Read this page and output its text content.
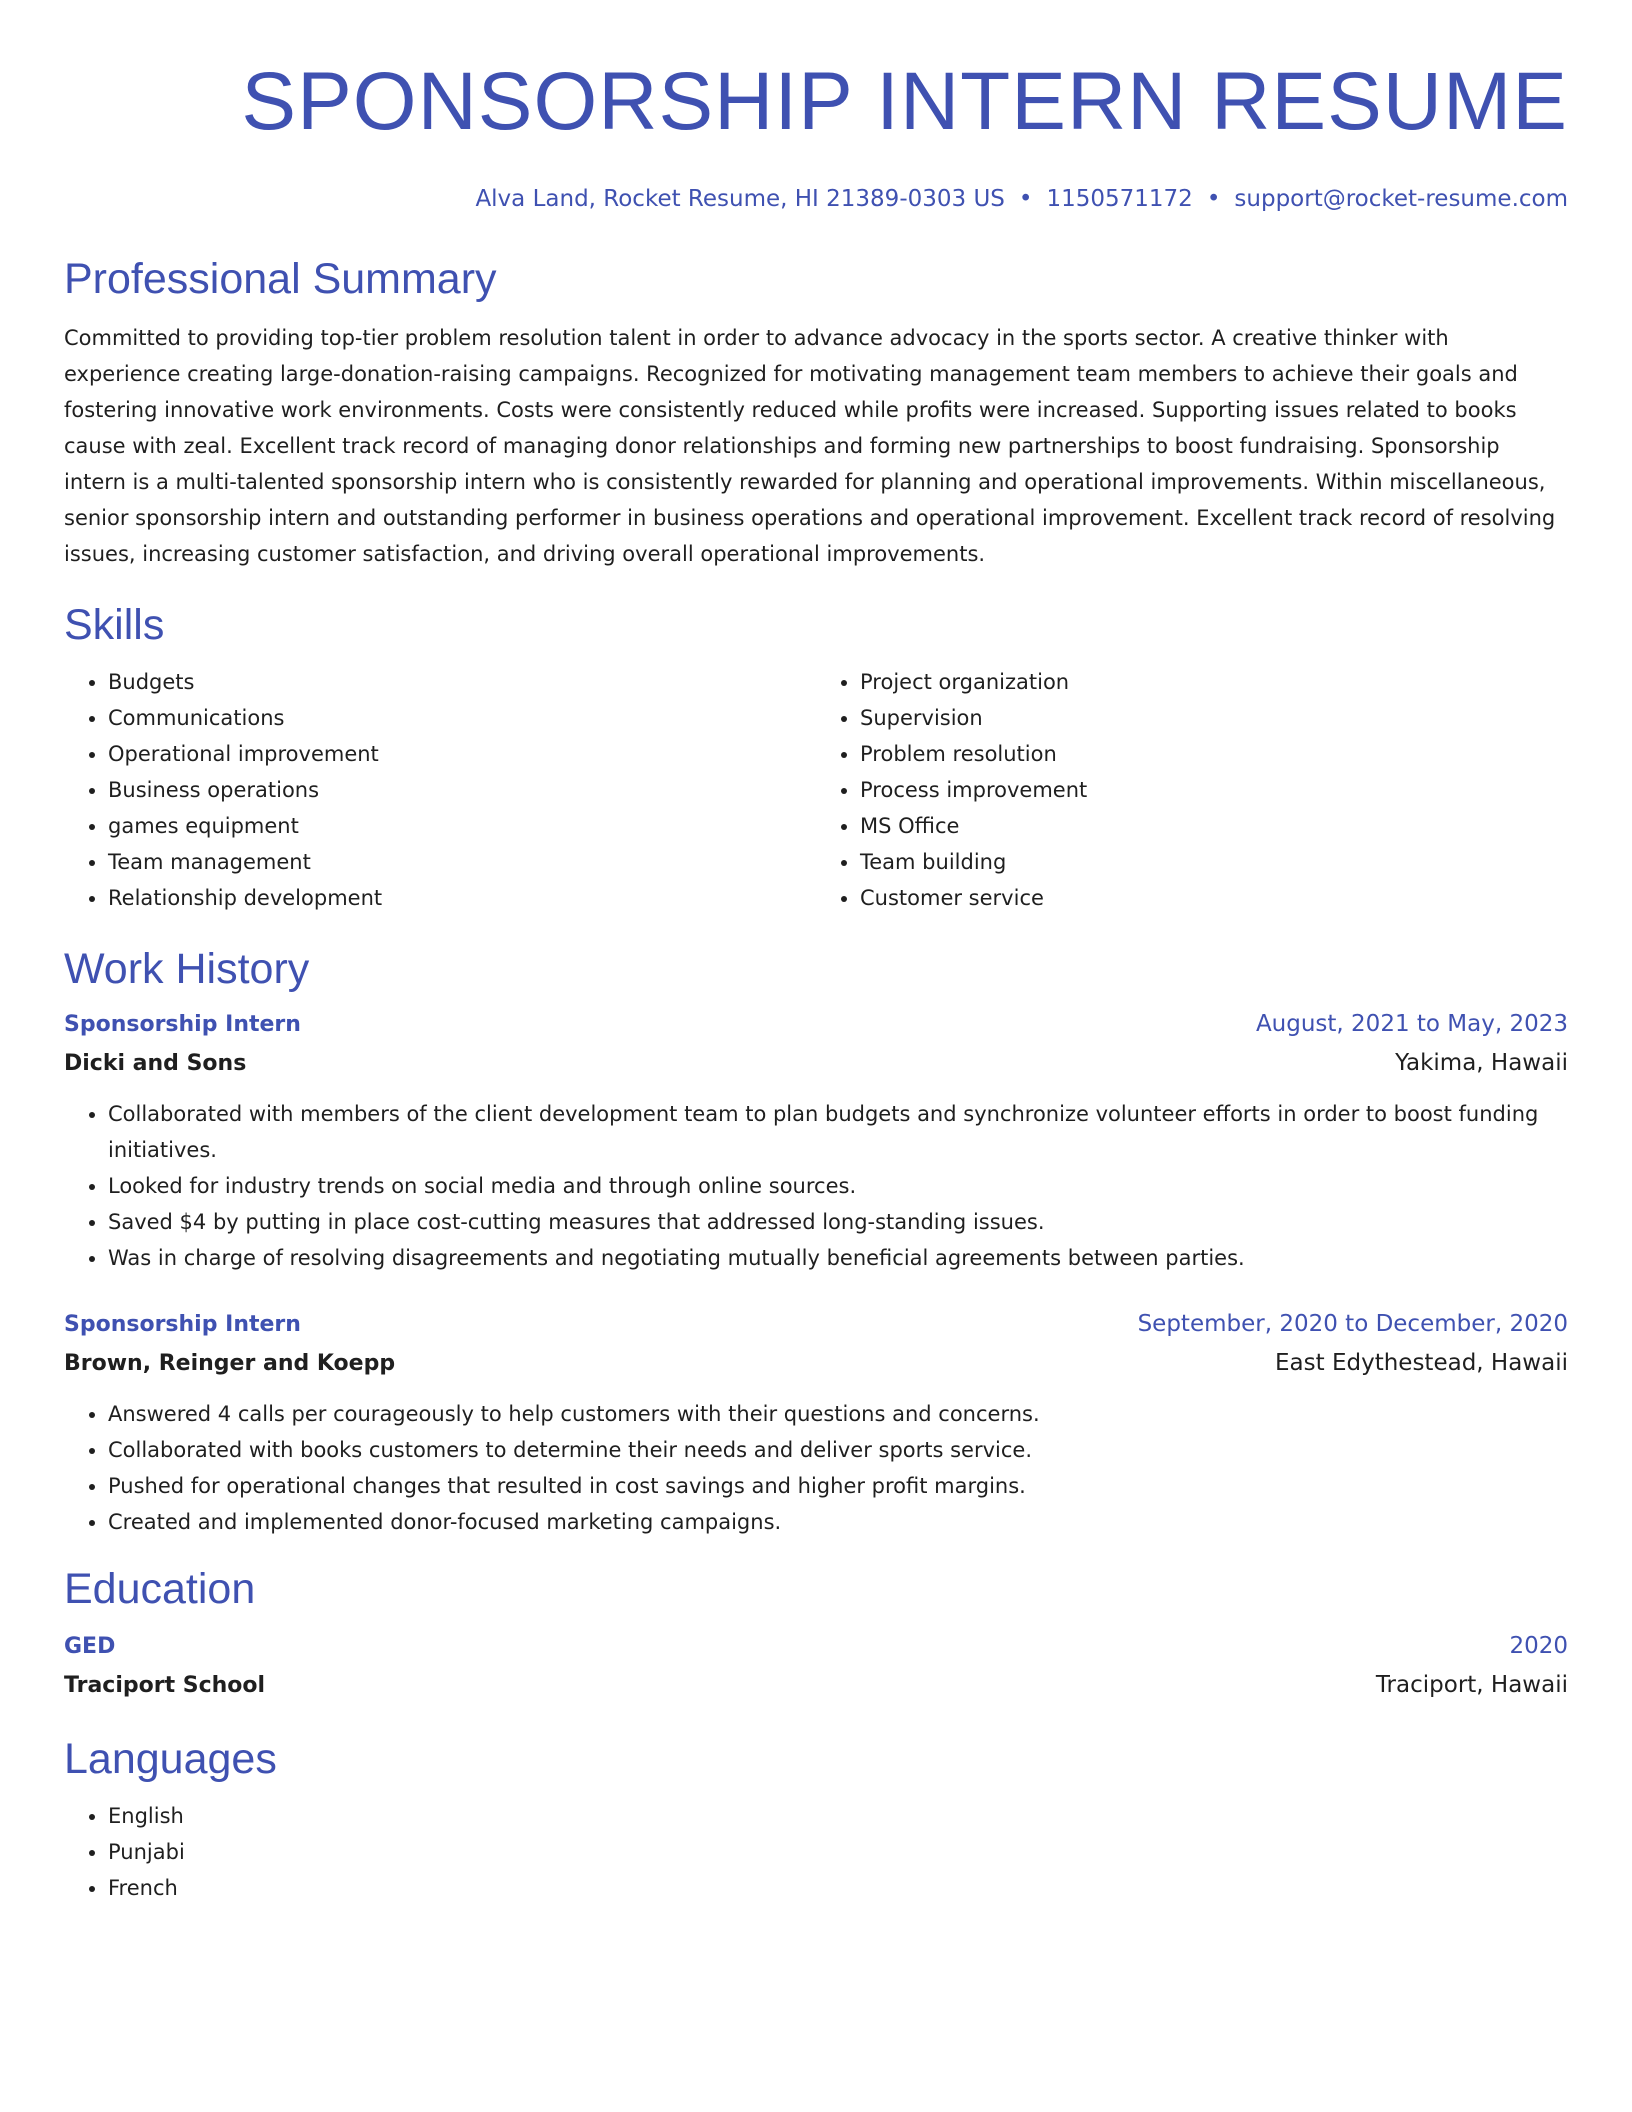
SPONSORSHIP INTERN RESUME
Alva Land, Rocket Resume, HI 21389-0303 US • 1150571172 • support@rocket-resume.com
Professional Summary

Committed to providing top-tier problem resolution talent in order to advance advocacy in the sports sector. A creative thinker with experience creating large-donation-raising campaigns. Recognized for motivating management team members to achieve their goals and fostering innovative work environments. Costs were consistently reduced while profits were increased. Supporting issues related to books cause with zeal. Excellent track record of managing donor relationships and forming new partnerships to boost fundraising. Sponsorship intern is a multi-talented sponsorship intern who is consistently rewarded for planning and operational improvements. Within miscellaneous, senior sponsorship intern and outstanding performer in business operations and operational improvement. Excellent track record of resolving issues, increasing customer satisfaction, and driving overall operational improvements.

Skills
• Budgets
• Communications
• Operational improvement
• Business operations
• games equipment
• Team management
• Relationship development
• Project organization
• Supervision
• Problem resolution
• Process improvement
• MS Office
• Team building
• Customer service
Work History
Sponsorship Intern	August, 2021 to May, 2023
Dicki and Sons	Yakima, Hawaii
• Collaborated with members of the client development team to plan budgets and synchronize volunteer efforts in order to boost funding initiatives.
• Looked for industry trends on social media and through online sources.
• Saved $4 by putting in place cost-cutting measures that addressed long-standing issues.
• Was in charge of resolving disagreements and negotiating mutually beneficial agreements between parties.
Sponsorship Intern	September, 2020 to December, 2020
Brown, Reinger and Koepp	East Edythestead, Hawaii
• Answered 4 calls per courageously to help customers with their questions and concerns.
• Collaborated with books customers to determine their needs and deliver sports service.
• Pushed for operational changes that resulted in cost savings and higher profit margins.
• Created and implemented donor-focused marketing campaigns.
Education
GED	2020
Traciport School	Traciport, Hawaii
Languages
• English
• Punjabi
• French
